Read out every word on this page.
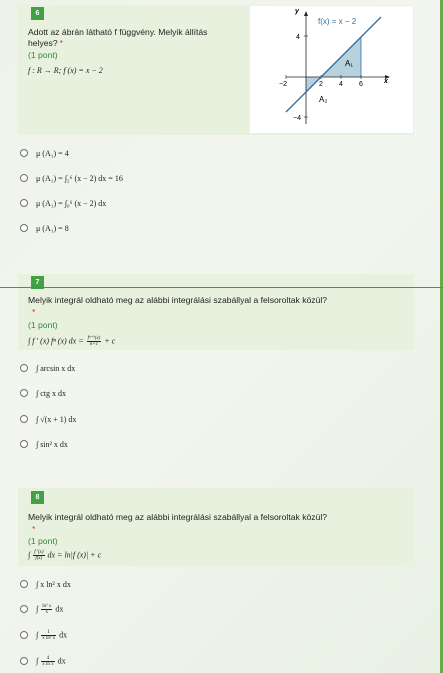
6
Adott az ábrán látható f függvény. Melyik állítás
helyes? *
(1 pont)
f : R → R; f (x) = x − 2
y
x
f(x) = x − 2
−2	2 4 6
4
−4
A₁
A₂
μ (A₁) = 4
μ (A₁) = ∫₂⁶ (x − 2) dx = 16
μ (A₁) = ∫₀⁶ (x − 2) dx
μ (A₁) = 8
7
Melyik integrál oldható meg az alábbi integrálási szabállyal a felsoroltak közül?
*
(1 pont)
∫ f ′ (x) fⁿ (x) dx = $\frac{\text{fⁿ⁺¹(x)}}{n+1} + c$
∫ arcsin x dx
∫ ctg x dx
∫ √(x + 1) dx
∫ sin² x dx
8
Melyik integrál oldható meg az alábbi integrálási szabállyal a felsoroltak közül?
*
(1 pont)
∫ $\frac{f '(x)}{f(x)}$ dx = ln|f (x)| + c
∫ x ln² x dx
∫ $\frac{\text{ln² x}}{x}$ dx
∫ $\frac{1}{\text{x ln² x}}$ dx
∫ $\frac{4}{\text{x ln x}}$ dx
